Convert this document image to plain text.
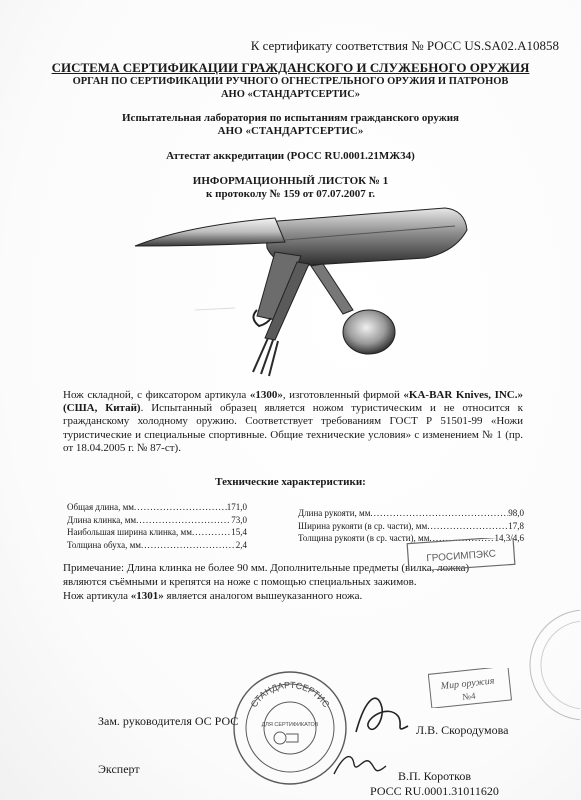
К сертификату соответствия № РОСС US.SA02.A10858
СИСТЕМА СЕРТИФИКАЦИИ ГРАЖДАНСКОГО И СЛУЖЕБНОГО ОРУЖИЯ
ОРГАН ПО СЕРТИФИКАЦИИ РУЧНОГО ОГНЕСТРЕЛЬНОГО ОРУЖИЯ И ПАТРОНОВ
АНО «СТАНДАРТСЕРТИС»
Испытательная лаборатория по испытаниям гражданского оружия
АНО «СТАНДАРТСЕРТИС»
Аттестат аккредитации (РОСС RU.0001.21МЖ34)
ИНФОРМАЦИОННЫЙ ЛИСТОК № 1
к протоколу № 159 от 07.07.2007 г.
Нож складной, с фиксатором артикула «1300», изготовленный фирмой «KA-BAR Knives, INC.» (США, Китай). Испытанный образец является ножом туристическим и не относится к гражданскому холодному оружию. Соответствует требованиям ГОСТ Р 51501-99 «Ножи туристические и специальные спортивные. Общие технические условия» с изменением № 1 (пр. от 18.04.2005 г. № 87-ст).
Технические характеристики:
Общая длина, мм .....	171,0
Длина клинка, мм .....	73,0
Наибольшая ширина клинка, мм .....	15,4
Толщина обуха, мм .....	2,4
Длина рукояти, мм .....	98,0
Ширина рукояти (в ср. части), мм .....	17,8
Толщина рукояти (в ср. части), мм .....	14,3/4,6
Примечание: Длина клинка не более 90 мм. Дополнительные предметы (вилка, ложка)
являются съёмными и крепятся на ноже с помощью специальных зажимов.
Нож артикула «1301» является аналогом вышеуказанного ножа.
ГРОСИМПЭКС
Мир оружия
№4
СТАНДАРТСЕРТИС
ДЛЯ СЕРТИФИКАТОВ
Зам. руководителя ОС РОС
Л.В. Скородумова
Эксперт	В.П. Коротков
РОСС RU.0001.31011620
